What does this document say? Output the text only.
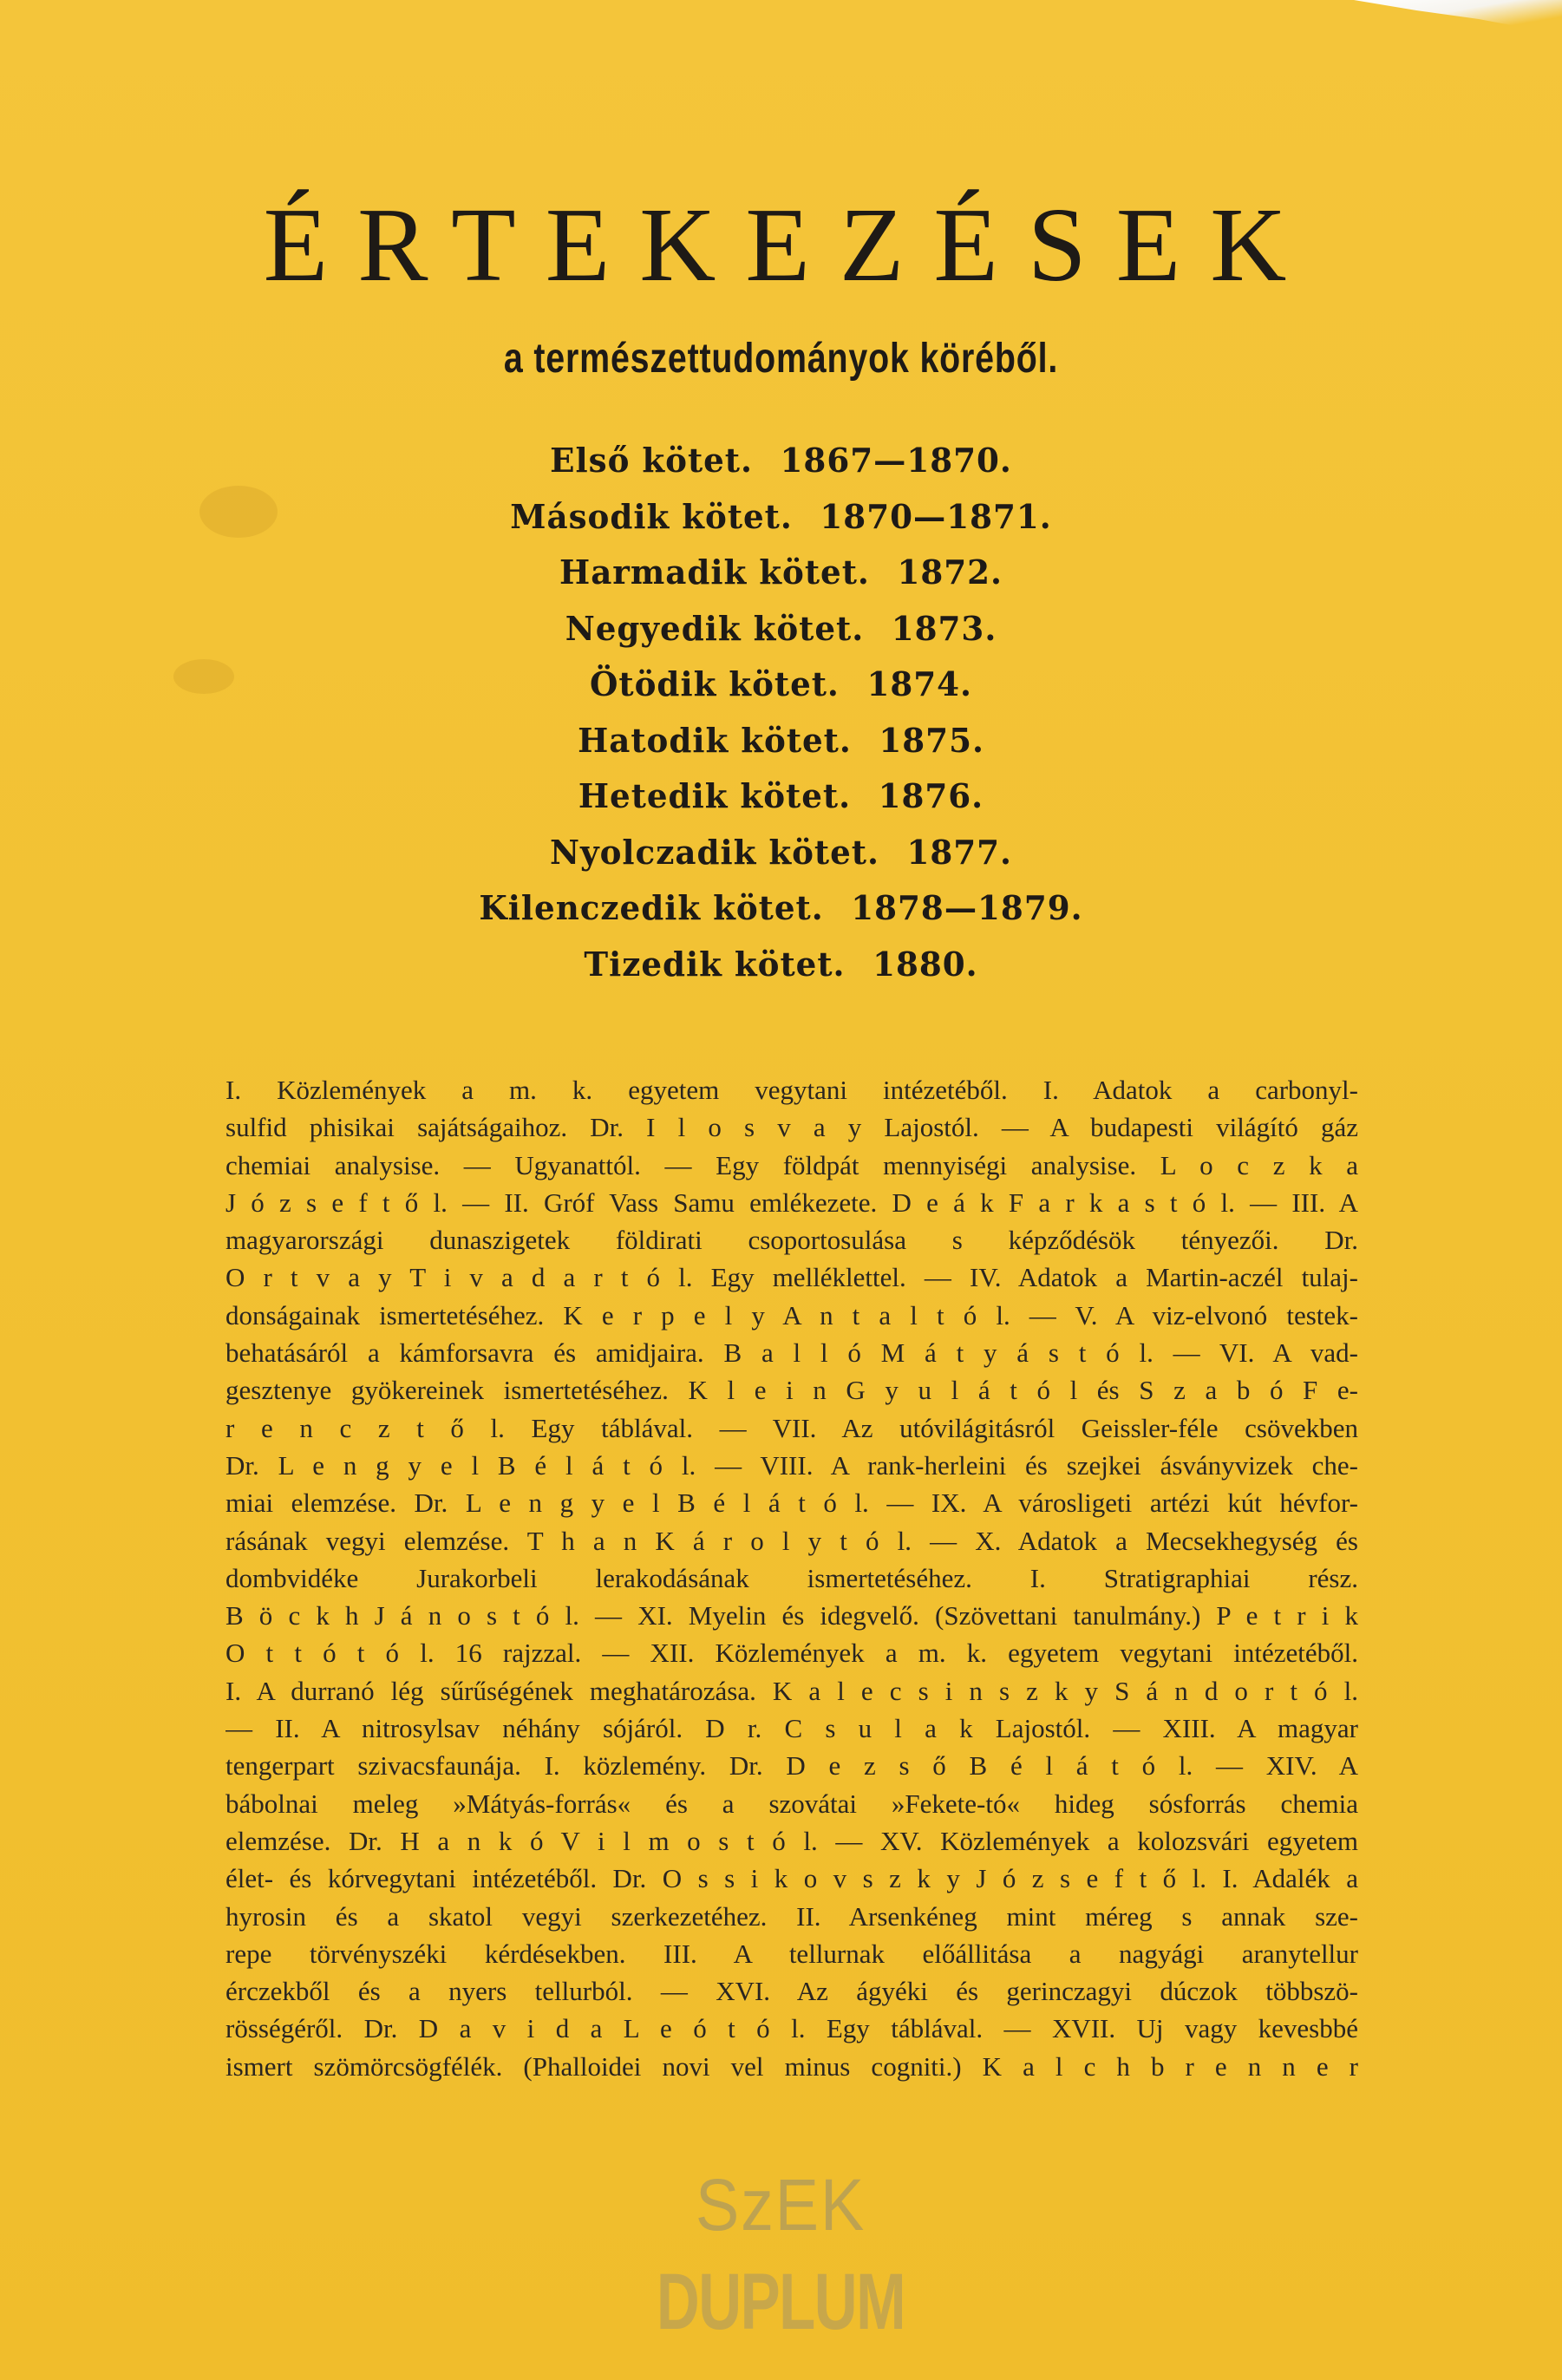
ÉRTEKEZÉSEK
a természettudományok köréből.
Első kötet. 1867—1870.
Második kötet. 1870—1871.
Harmadik kötet. 1872.
Negyedik kötet. 1873.
Ötödik kötet. 1874.
Hatodik kötet. 1875.
Hetedik kötet. 1876.
Nyolczadik kötet. 1877.
Kilenczedik kötet. 1878—1879.
Tizedik kötet. 1880.
I. Közlemények a m. k. egyetem vegytani intézetéből. I. Adatok a carbonyl-
sulfid phisikai sajátságaihoz. Dr. I l o s v a y Lajostól. — A budapesti világító gáz
chemiai analysise. — Ugyanattól. — Egy földpát mennyiségi analysise. L o c z k a
J ó z s e f t ő l. — II. Gróf Vass Samu emlékezete. D e á k F a r k a s t ó l. — III. A
magyarországi dunaszigetek földirati csoportosulása s képződésök tényezői. Dr.
O r t v a y T i v a d a r t ó l. Egy melléklettel. — IV. Adatok a Martin-aczél tulaj-
donságainak ismertetéséhez. K e r p e l y A n t a l t ó l. — V. A viz-elvonó testek-
behatásáról a kámforsavra és amidjaira. B a l l ó M á t y á s t ó l. — VI. A vad-
gesztenye gyökereinek ismertetéséhez. K l e i n G y u l á t ó l és S z a b ó F e-
r e n c z t ő l. Egy táblával. — VII. Az utóvilágitásról Geissler-féle csövekben
Dr. L e n g y e l B é l á t ó l. — VIII. A rank-herleini és szejkei ásványvizek che-
miai elemzése. Dr. L e n g y e l B é l á t ó l. — IX. A városligeti artézi kút hévfor-
rásának vegyi elemzése. T h a n K á r o l y t ó l. — X. Adatok a Mecsekhegység és
dombvidéke Jurakorbeli lerakodásának ismertetéséhez. I. Stratigraphiai rész.
B ö c k h J á n o s t ó l. — XI. Myelin és idegvelő. (Szövettani tanulmány.) P e t r i k
O t t ó t ó l. 16 rajzzal. — XII. Közlemények a m. k. egyetem vegytani intézetéből.
I. A durranó lég sűrűségének meghatározása. K a l e c s i n s z k y S á n d o r t ó l.
— II. A nitrosylsav néhány sójáról. D r. C s u l a k Lajostól. — XIII. A magyar
tengerpart szivacsfaunája. I. közlemény. Dr. D e z s ő B é l á t ó l. — XIV. A
bábolnai meleg »Mátyás-forrás« és a szovátai »Fekete-tó« hideg sósforrás chemia
elemzése. Dr. H a n k ó V i l m o s t ó l. — XV. Közlemények a kolozsvári egyetem
élet- és kórvegytani intézetéből. Dr. O s s i k o v s z k y J ó z s e f t ő l. I. Adalék a
hyrosin és a skatol vegyi szerkezetéhez. II. Arsenkéneg mint méreg s annak sze-
repe törvényszéki kérdésekben. III. A tellurnak előállitása a nagyági aranytellur
érczekből és a nyers tellurból. — XVI. Az ágyéki és gerinczagyi dúczok többszö-
rösségéről. Dr. D a v i d a L e ó t ó l. Egy táblával. — XVII. Uj vagy kevesbbé
ismert szömörcsögfélék. (Phalloidei novi vel minus cogniti.) K a l c h b r e n n e r
SzEK
DUPLUM
